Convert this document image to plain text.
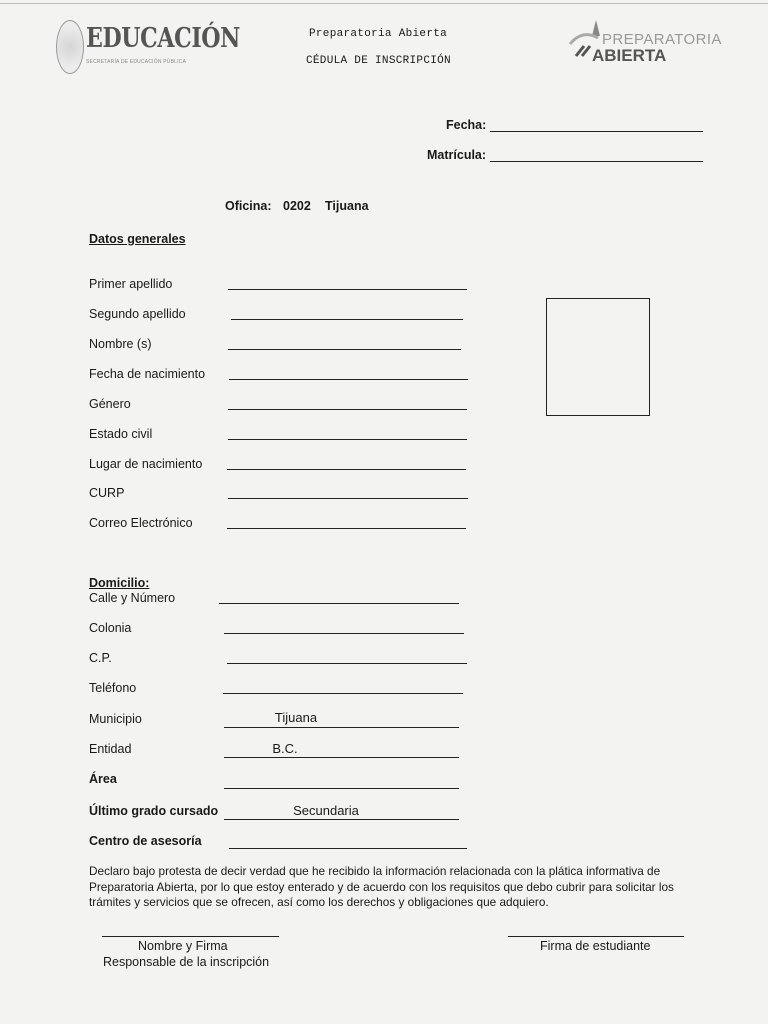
EDUCACIÓN
SECRETARÍA DE EDUCACIÓN PÚBLICA
Preparatoria Abierta
CÉDULA DE INSCRIPCIÓN
PREPARATORIA
ABIERTA
Fecha:
Matrícula:
Oficina: 0202 Tijuana
Datos generales
Primer apellido
Segundo apellido
Nombre (s)
Fecha de nacimiento
Género
Estado civil
Lugar de nacimiento
CURP
Correo Electrónico
Domicilio:
Calle y Número
Colonia
C.P.
Teléfono
Municipio	Tijuana
Entidad	B.C.
Área
Último grado cursado	Secundaria
Centro de asesoría
Declaro bajo protesta de decir verdad que he recibido la información relacionada con la plática informativa de Preparatoria Abierta, por lo que estoy enterado y de acuerdo con los requisitos que debo cubrir para solicitar los trámites y servicios que se ofrecen, así como los derechos y obligaciones que adquiero.
Nombre y Firma
Responsable de la inscripción
Firma de estudiante
